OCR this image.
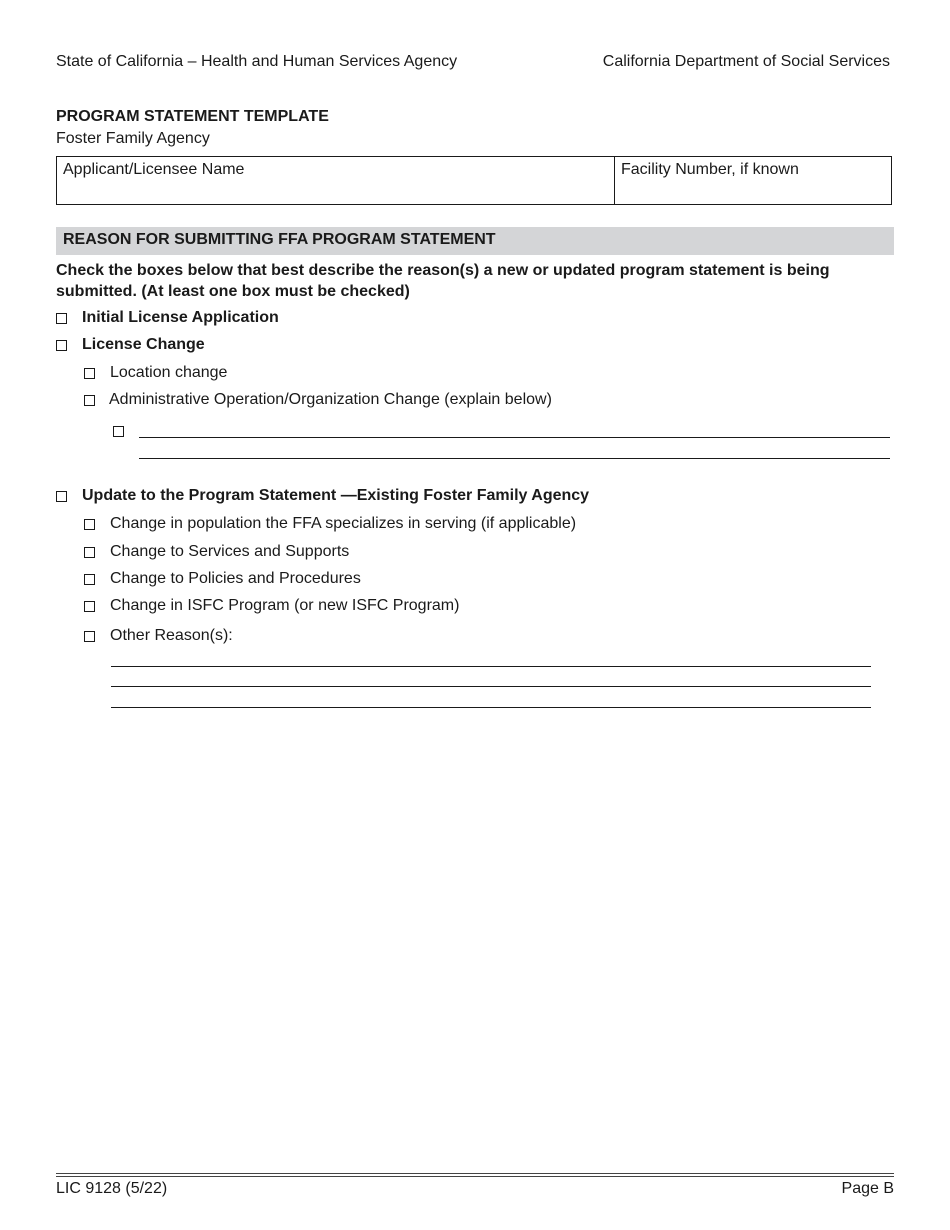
State of California – Health and Human Services Agency	California Department of Social Services
PROGRAM STATEMENT TEMPLATE
Foster Family Agency
Applicant/Licensee Name	Facility Number, if known
REASON FOR SUBMITTING FFA PROGRAM STATEMENT
Check the boxes below that best describe the reason(s) a new or updated program statement is being submitted. (At least one box must be checked)
Initial License Application
License Change
Location change
Administrative Operation/Organization Change (explain below)
Update to the Program Statement —Existing Foster Family Agency
Change in population the FFA specializes in serving (if applicable)
Change to Services and Supports
Change to Policies and Procedures
Change in ISFC Program (or new ISFC Program)
Other Reason(s):
LIC 9128 (5/22)	Page B
